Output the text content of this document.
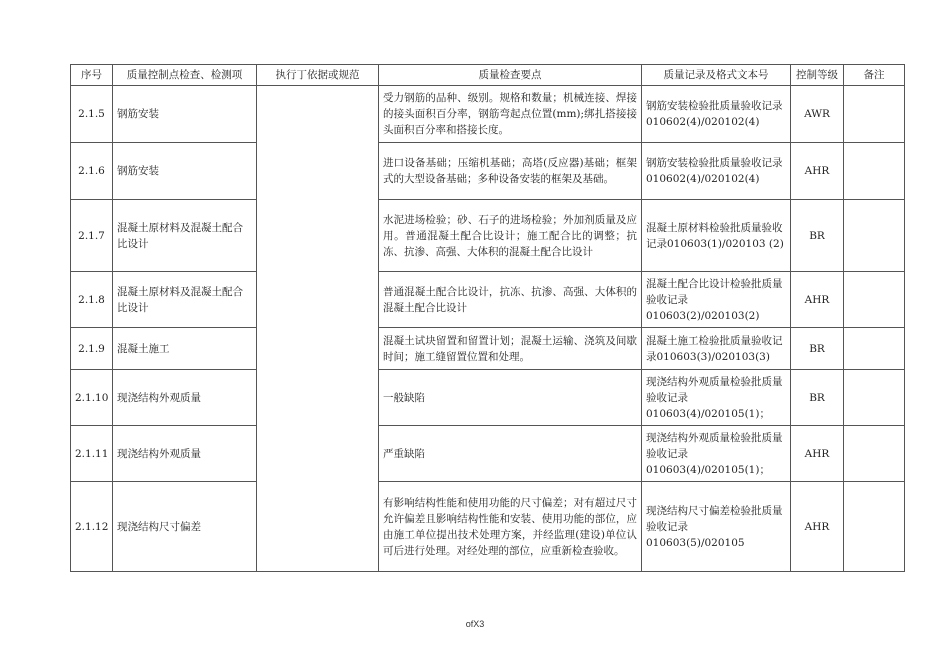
序号	质量控制点检查、检测项	执行丁依据或规范	质量检查要点	质量记录及格式文本号	控制等级	备注
2.1.5	钢筋安装		受力钢筋的品种、级别。规格和数量；机械连接、焊接的接头面积百分率，钢筋弯起点位置(mm);绑扎搭接接头面积百分率和搭接长度。	钢筋安装检验批质量验收记录010602(4)/020102(4)	AWR	
2.1.6	钢筋安装		进口设备基础；压缩机基础；高塔(反应器)基础；框架式的大型设备基础；多种设备安装的框架及基础。	钢筋安装检验批质量验收记录010602(4)/020102(4)	AHR	
2.1.7	混凝土原材料及混凝土配合比设计		水泥进场检验；砂、石子的进场检验；外加剂质量及应用。普通混凝土配合比设计；施工配合比的调整；抗冻、抗渗、高强、大体积的混凝土配合比设计	混凝土原材料检验批质量验收记录010603(1)/020103 (2)	BR	
2.1.8	混凝土原材料及混凝土配合比设计		普通混凝土配合比设计，抗冻、抗渗、高强、大体积的混凝土配合比设计	混凝土配合比设计检验批质量验收记录010603(2)/020103(2)	AHR	
2.1.9	混凝土施工		混凝土试块留置和留置计划；混凝土运输、浇筑及间歇时间；施工缝留置位置和处理。	混凝土施工检验批质量验收记录010603(3)/020103(3)	BR	
2.1.10	现浇结构外观质量		一般缺陷	现浇结构外观质量检验批质量验收记录010603(4)/020105(1)；	BR	
2.1.11	现浇结构外观质量		严重缺陷	现浇结构外观质量检验批质量验收记录010603(4)/020105(1)；	AHR	
2.1.12	现浇结构尺寸偏差		有影响结构性能和使用功能的尺寸偏差；对有超过尺寸允许偏差且影响结构性能和安装、使用功能的部位，应由施工单位提出技术处理方案，并经监理(建设)单位认可后进行处理。对经处理的部位，应重新检查验收。	现浇结构尺寸偏差检验批质量验收记录010603(5)/020105	AHR	
ofX3
